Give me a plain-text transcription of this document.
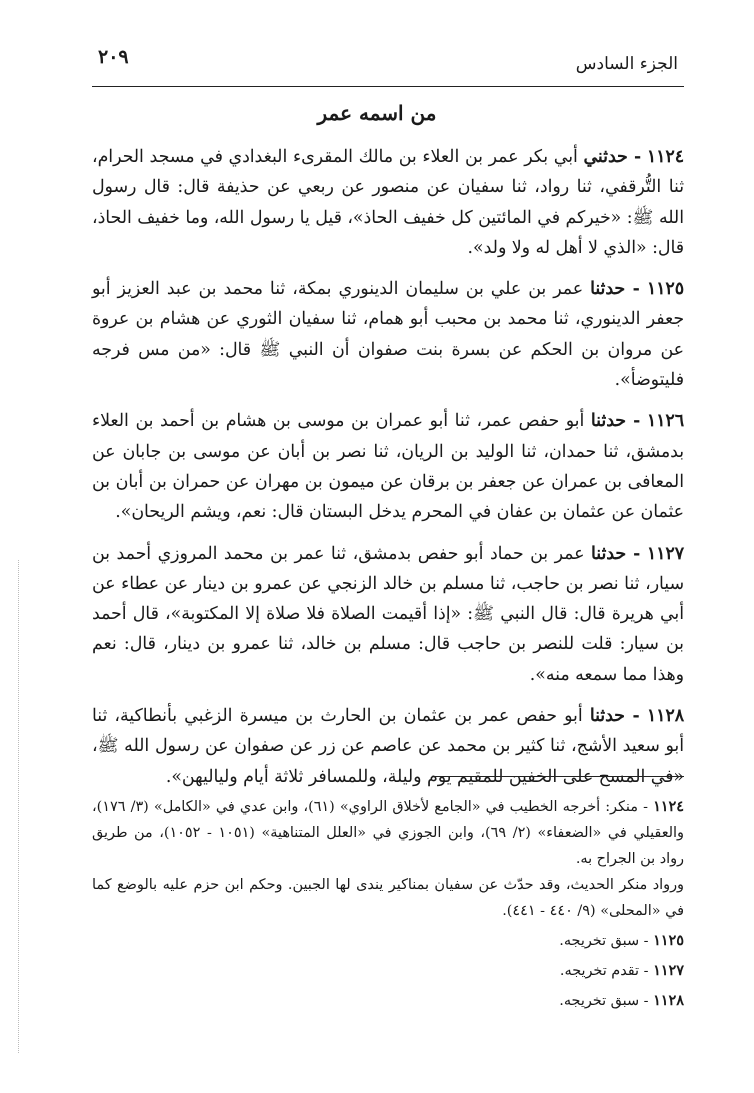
الجزء السادس
٢٠٩
من اسمه عمر

١١٢٤ - حدثني أبي بكر عمر بن العلاء بن مالك المقرىء البغدادي في مسجد الحرام، ثنا التُّرقفي، ثنا رواد، ثنا سفيان عن منصور عن ربعي عن حذيفة قال: قال رسول الله ﷺ: «خيركم في المائتين كل خفيف الحاذ»، قيل يا رسول الله، وما خفيف الحاذ، قال: «الذي لا أهل له ولا ولد».

١١٢٥ - حدثنا عمر بن علي بن سليمان الدينوري بمكة، ثنا محمد بن عبد العزيز أبو جعفر الدينوري، ثنا محمد بن محبب أبو همام، ثنا سفيان الثوري عن هشام بن عروة عن مروان بن الحكم عن بسرة بنت صفوان أن النبي ﷺ قال: «من مس فرجه فليتوضأ».

١١٢٦ - حدثنا أبو حفص عمر، ثنا أبو عمران بن موسى بن هشام بن أحمد بن العلاء بدمشق، ثنا حمدان، ثنا الوليد بن الريان، ثنا نصر بن أبان عن موسى بن جابان عن المعافى بن عمران عن جعفر بن برقان عن ميمون بن مهران عن حمران بن أبان بن عثمان عن عثمان بن عفان في المحرم يدخل البستان قال: نعم، ويشم الريحان».

١١٢٧ - حدثنا عمر بن حماد أبو حفص بدمشق، ثنا عمر بن محمد المروزي أحمد بن سيار، ثنا نصر بن حاجب، ثنا مسلم بن خالد الزنجي عن عمرو بن دينار عن عطاء عن أبي هريرة قال: قال النبي ﷺ: «إذا أقيمت الصلاة فلا صلاة إلا المكتوبة»، قال أحمد بن سيار: قلت للنصر بن حاجب قال: مسلم بن خالد، ثنا عمرو بن دينار، قال: نعم وهذا مما سمعه منه».

١١٢٨ - حدثنا أبو حفص عمر بن عثمان بن الحارث بن ميسرة الزغبي بأنطاكية، ثنا أبو سعيد الأشج، ثنا كثير بن محمد عن عاصم عن زر عن صفوان عن رسول الله ﷺ، «في المسح على الخفين للمقيم يوم وليلة، وللمسافر ثلاثة أيام ولياليهن».

١١٢٤ - منكر: أخرجه الخطيب في «الجامع لأخلاق الراوي» (٦١)، وابن عدي في «الكامل» (٣/ ١٧٦)، والعقيلي في «الضعفاء» (٢/ ٦٩)، وابن الجوزي في «العلل المتناهية» (١٠٥١ - ١٠٥٢)، من طريق رواد بن الجراح به.

ورواد منكر الحديث، وقد حدّث عن سفيان بمناكير يندى لها الجبين. وحكم ابن حزم عليه بالوضع كما في «المحلى» (٩/ ٤٤٠ - ٤٤١).

١١٢٥ - سبق تخريجه.

١١٢٧ - تقدم تخريجه.

١١٢٨ - سبق تخريجه.
